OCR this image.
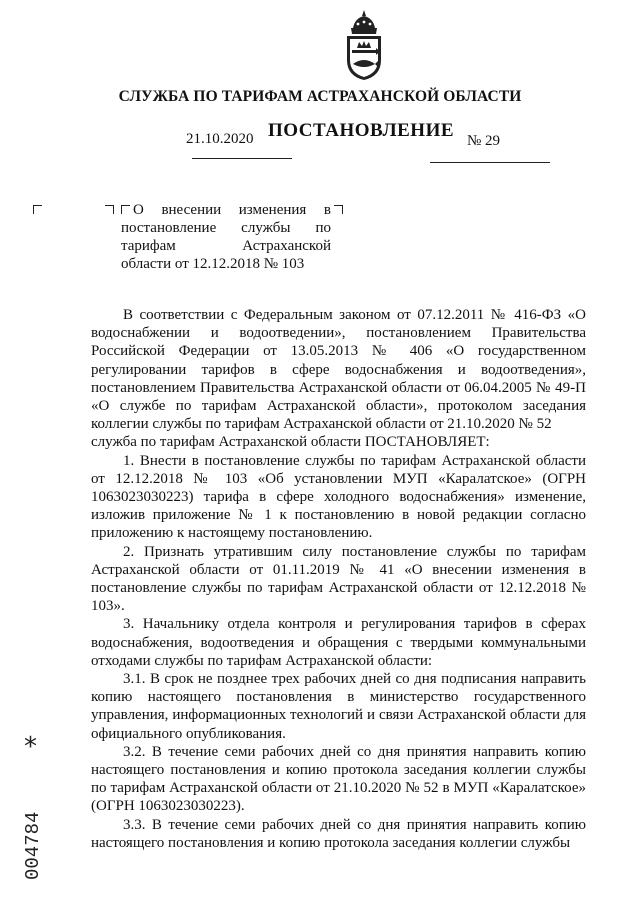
СЛУЖБА ПО ТАРИФАМ АСТРАХАНСКОЙ ОБЛАСТИ
21.10.2020 ПОСТАНОВЛЕНИЕ № 29
О внесении изменения в
постановление службы по
тарифам Астраханской
области от 12.12.2018 № 103

В соответствии с Федеральным законом от 07.12.2011 № 416-ФЗ «О водоснабжении и водоотведении», постановлением Правительства Российской Федерации от 13.05.2013 № 406 «О государственном регулировании тарифов в сфере водоснабжения и водоотведения», постановлением Правительства Астраханской области от 06.04.2005 № 49-П «О службе по тарифам Астраханской области», протоколом заседания коллегии службы по тарифам Астраханской области от 21.10.2020 № 52

служба по тарифам Астраханской области ПОСТАНОВЛЯЕТ:

1. Внести в постановление службы по тарифам Астраханской области от 12.12.2018 № 103 «Об установлении МУП «Каралатское» (ОГРН 1063023030223) тарифа в сфере холодного водоснабжения» изменение, изложив приложение № 1 к постановлению в новой редакции согласно приложению к настоящему постановлению.

2. Признать утратившим силу постановление службы по тарифам Астраханской области от 01.11.2019 № 41 «О внесении изменения в постановление службы по тарифам Астраханской области от 12.12.2018 № 103».

3. Начальнику отдела контроля и регулирования тарифов в сферах водоснабжения, водоотведения и обращения с твердыми коммунальными отходами службы по тарифам Астраханской области:

3.1. В срок не позднее трех рабочих дней со дня подписания направить копию настоящего постановления в министерство государственного управления, информационных технологий и связи Астраханской области для официального опубликования.

3.2. В течение семи рабочих дней со дня принятия направить копию настоящего постановления и копию протокола заседания коллегии службы по тарифам Астраханской области от 21.10.2020 № 52 в МУП «Каралатское» (ОГРН 1063023030223).

3.3. В течение семи рабочих дней со дня принятия направить копию настоящего постановления и копию протокола заседания коллегии службы

*
004784
